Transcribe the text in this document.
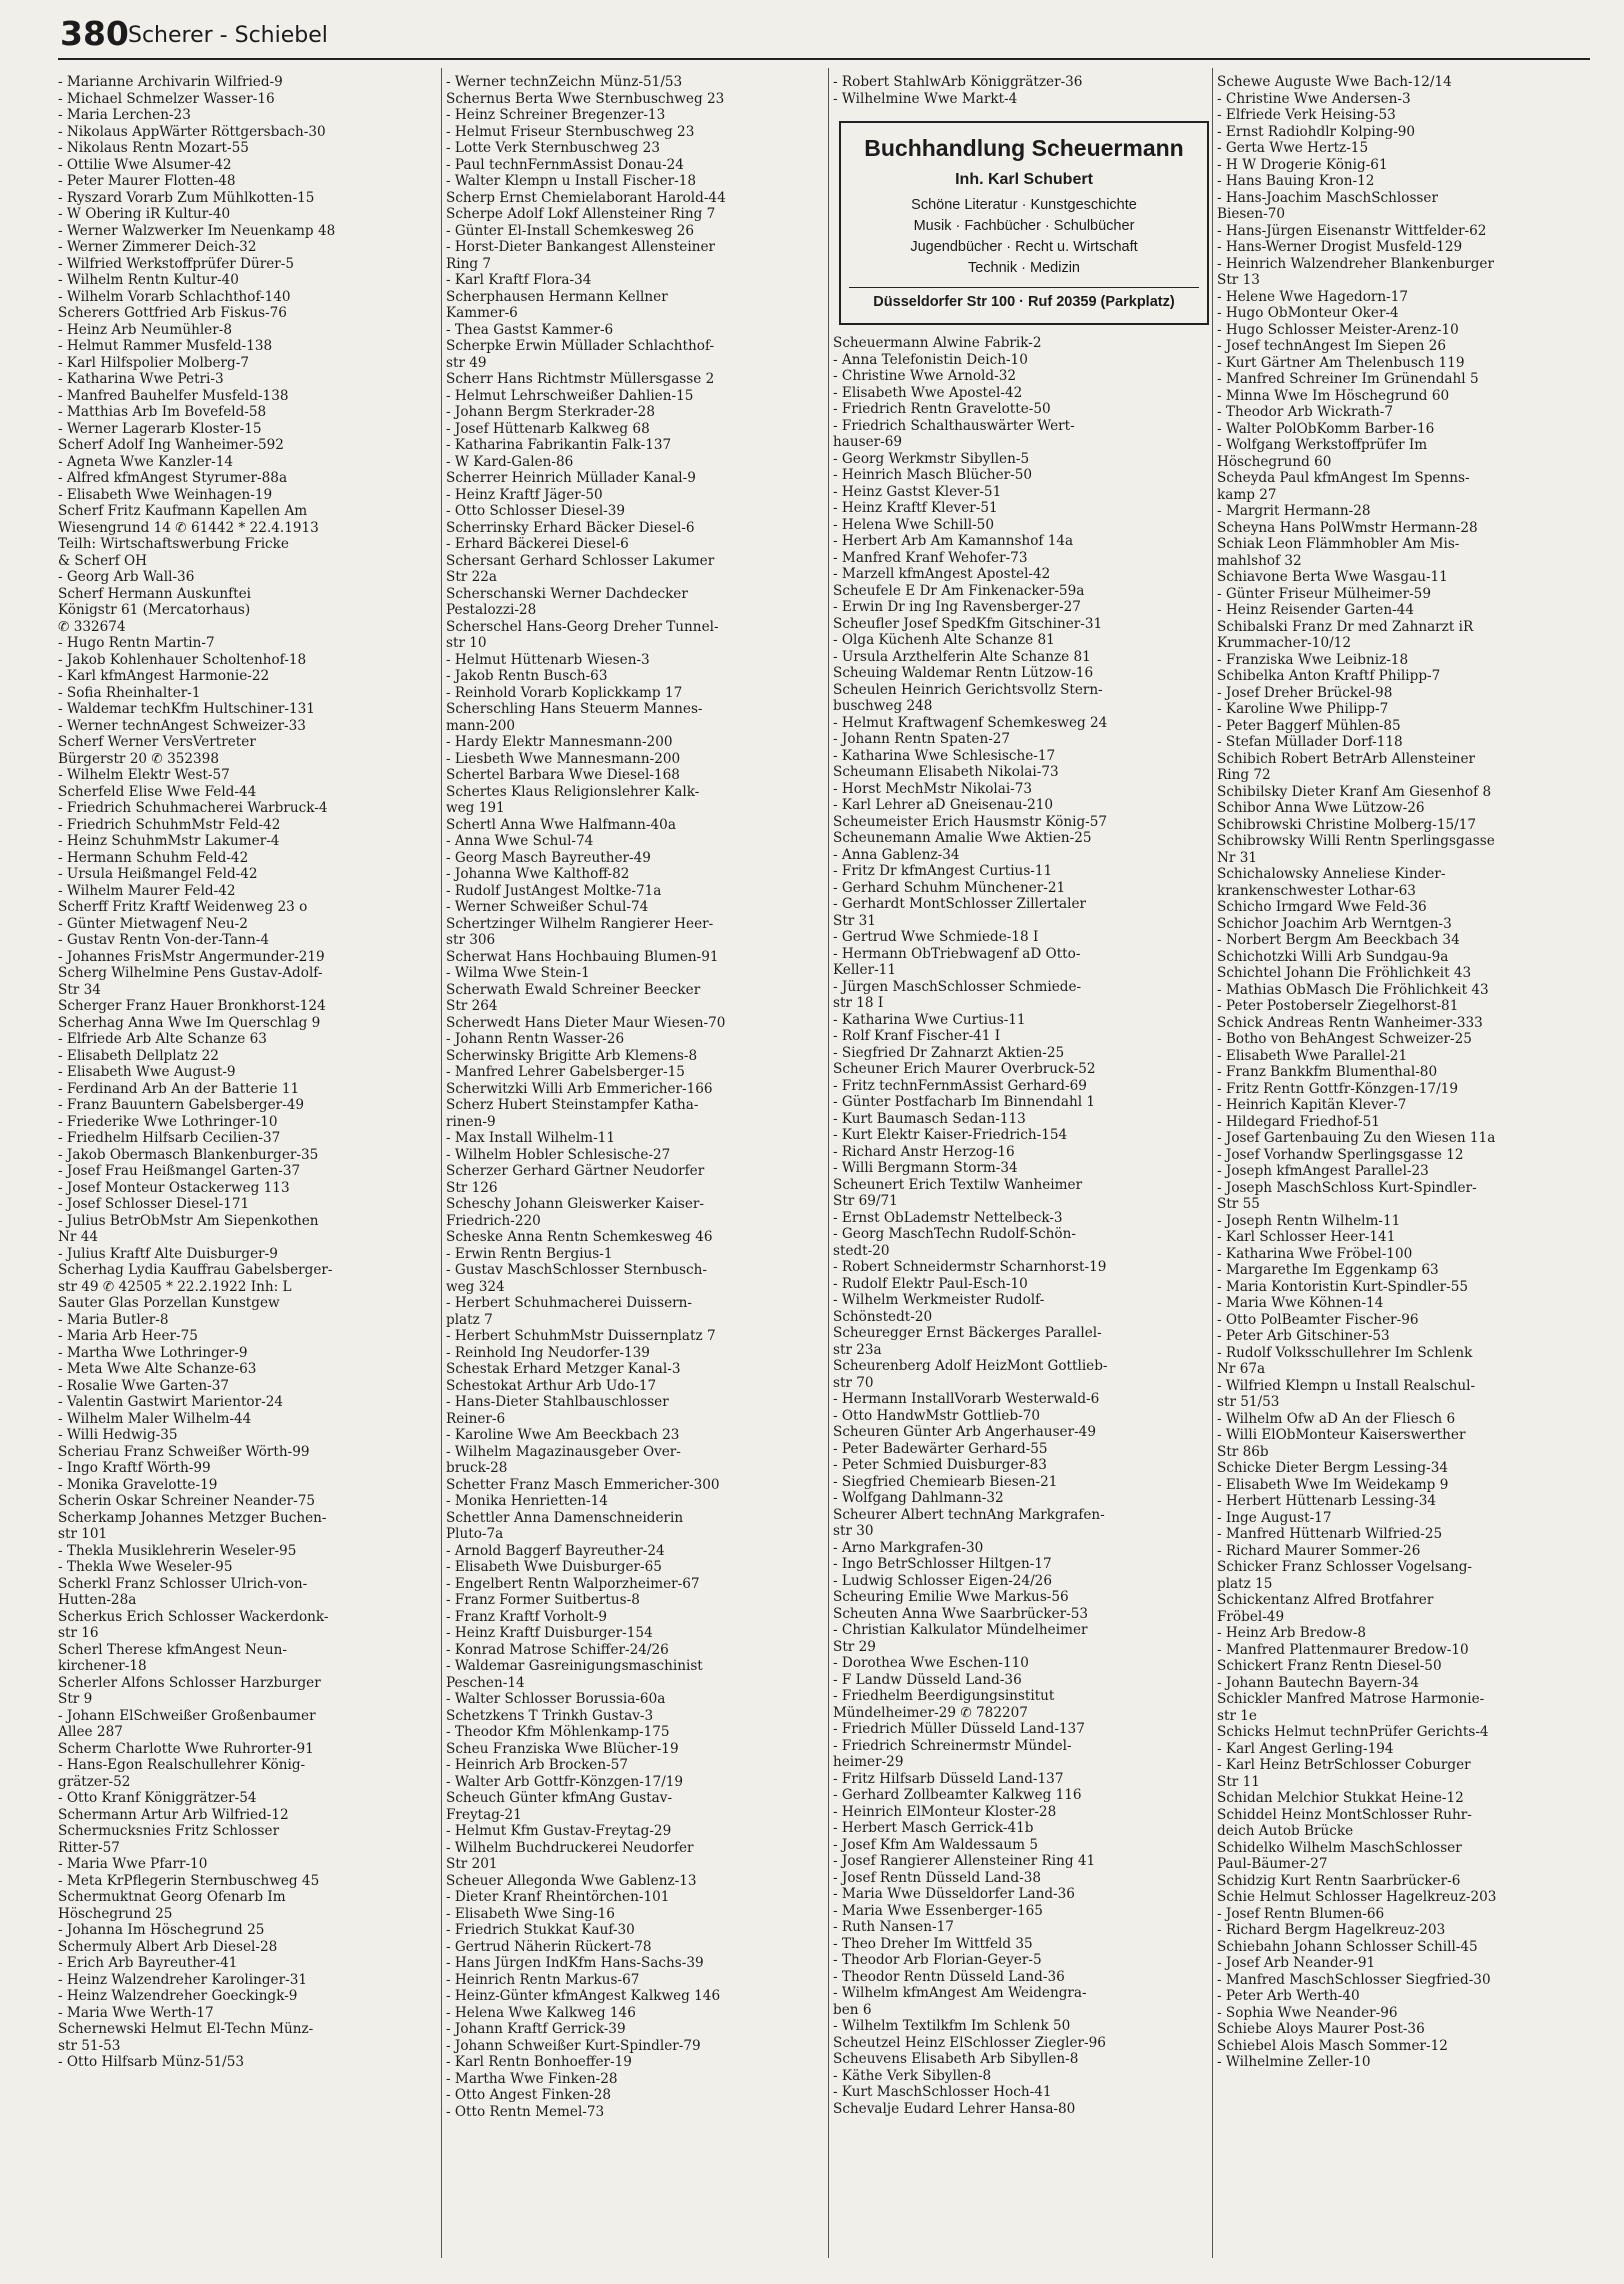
380 Scherer - Schiebel
- Marianne Archivarin Wilfried-9
- Michael Schmelzer Wasser-16
- Maria Lerchen-23
- Nikolaus AppWärter Röttgersbach-30
- Nikolaus Rentn Mozart-55
- Ottilie Wwe Alsumer-42
- Peter Maurer Flotten-48
- Ryszard Vorarb Zum Mühlkotten-15
- W Obering iR Kultur-40
- Werner Walzwerker Im Neuenkamp 48
- Werner Zimmerer Deich-32
- Wilfried Werkstoffprüfer Dürer-5
- Wilhelm Rentn Kultur-40
- Wilhelm Vorarb Schlachthof-140
Scherers Gottfried Arb Fiskus-76
- Heinz Arb Neumühler-8
- Helmut Rammer Musfeld-138
- Karl Hilfspolier Molberg-7
- Katharina Wwe Petri-3
- Manfred Bauhelfer Musfeld-138
- Matthias Arb Im Bovefeld-58
- Werner Lagerarb Kloster-15
Scherf Adolf Ing Wanheimer-592
- Agneta Wwe Kanzler-14
- Alfred kfmAngest Styrumer-88a
- Elisabeth Wwe Weinhagen-19
Scherf Fritz Kaufmann Kapellen Am
Wiesengrund 14 ✆ 61442 * 22.4.1913
Teilh: Wirtschaftswerbung Fricke
& Scherf OH
- Georg Arb Wall-36
Scherf Hermann Auskunftei
Königstr 61 (Mercatorhaus)
✆ 332674
- Hugo Rentn Martin-7
- Jakob Kohlenhauer Scholtenhof-18
- Karl kfmAngest Harmonie-22
- Sofia Rheinhalter-1
- Waldemar techKfm Hultschiner-131
- Werner technAngest Schweizer-33
Scherf Werner VersVertreter
Bürgerstr 20 ✆ 352398
- Wilhelm Elektr West-57
Scherfeld Elise Wwe Feld-44
- Friedrich Schuhmacherei Warbruck-4
- Friedrich SchuhmMstr Feld-42
- Heinz SchuhmMstr Lakumer-4
- Hermann Schuhm Feld-42
- Ursula Heißmangel Feld-42
- Wilhelm Maurer Feld-42
Scherff Fritz Kraftf Weidenweg 23 o
- Günter Mietwagenf Neu-2
- Gustav Rentn Von-der-Tann-4
- Johannes FrisMstr Angermunder-219
Scherg Wilhelmine Pens Gustav-Adolf-
Str 34
Scherger Franz Hauer Bronkhorst-124
Scherhag Anna Wwe Im Querschlag 9
- Elfriede Arb Alte Schanze 63
- Elisabeth Dellplatz 22
- Elisabeth Wwe August-9
- Ferdinand Arb An der Batterie 11
- Franz Bauuntern Gabelsberger-49
- Friederike Wwe Lothringer-10
- Friedhelm Hilfsarb Cecilien-37
- Jakob Obermasch Blankenburger-35
- Josef Frau Heißmangel Garten-37
- Josef Monteur Ostackerweg 113
- Josef Schlosser Diesel-171
- Julius BetrObMstr Am Siepenkothen
Nr 44
- Julius Kraftf Alte Duisburger-9
Scherhag Lydia Kauffrau Gabelsberger-
str 49 ✆ 42505 * 22.2.1922 Inh: L
Sauter Glas Porzellan Kunstgew
- Maria Butler-8
- Maria Arb Heer-75
- Martha Wwe Lothringer-9
- Meta Wwe Alte Schanze-63
- Rosalie Wwe Garten-37
- Valentin Gastwirt Marientor-24
- Wilhelm Maler Wilhelm-44
- Willi Hedwig-35
Scheriau Franz Schweißer Wörth-99
- Ingo Kraftf Wörth-99
- Monika Gravelotte-19
Scherin Oskar Schreiner Neander-75
Scherkamp Johannes Metzger Buchen-
str 101
- Thekla Musiklehrerin Weseler-95
- Thekla Wwe Weseler-95
Scherkl Franz Schlosser Ulrich-von-
Hutten-28a
Scherkus Erich Schlosser Wackerdonk-
str 16
Scherl Therese kfmAngest Neun-
kirchener-18
Scherler Alfons Schlosser Harzburger
Str 9
- Johann ElSchweißer Großenbaumer
Allee 287
Scherm Charlotte Wwe Ruhrorter-91
- Hans-Egon Realschullehrer König-
grätzer-52
- Otto Kranf Königgrätzer-54
Schermann Artur Arb Wilfried-12
Schermucksnies Fritz Schlosser
Ritter-57
- Maria Wwe Pfarr-10
- Meta KrPflegerin Sternbuschweg 45
Schermuktnat Georg Ofenarb Im
Höschegrund 25
- Johanna Im Höschegrund 25
Schermuly Albert Arb Diesel-28
- Erich Arb Bayreuther-41
- Heinz Walzendreher Karolinger-31
- Heinz Walzendreher Goeckingk-9
- Maria Wwe Werth-17
Schernewski Helmut El-Techn Münz-
str 51-53
- Otto Hilfsarb Münz-51/53
- Werner technZeichn Münz-51/53
Schernus Berta Wwe Sternbuschweg 23
- Heinz Schreiner Bregenzer-13
- Helmut Friseur Sternbuschweg 23
- Lotte Verk Sternbuschweg 23
- Paul technFernmAssist Donau-24
- Walter Klempn u Install Fischer-18
Scherp Ernst Chemielaborant Harold-44
Scherpe Adolf Lokf Allensteiner Ring 7
- Günter El-Install Schemkesweg 26
- Horst-Dieter Bankangest Allensteiner
Ring 7
- Karl Kraftf Flora-34
Scherphausen Hermann Kellner
Kammer-6
- Thea Gastst Kammer-6
Scherpke Erwin Müllader Schlachthof-
str 49
Scherr Hans Richtmstr Müllersgasse 2
- Helmut Lehrschweißer Dahlien-15
- Johann Bergm Sterkrader-28
- Josef Hüttenarb Kalkweg 68
- Katharina Fabrikantin Falk-137
- W Kard-Galen-86
Scherrer Heinrich Müllader Kanal-9
- Heinz Kraftf Jäger-50
- Otto Schlosser Diesel-39
Scherrinsky Erhard Bäcker Diesel-6
- Erhard Bäckerei Diesel-6
Schersant Gerhard Schlosser Lakumer
Str 22a
Scherschanski Werner Dachdecker
Pestalozzi-28
Scherschel Hans-Georg Dreher Tunnel-
str 10
- Helmut Hüttenarb Wiesen-3
- Jakob Rentn Busch-63
- Reinhold Vorarb Koplickkamp 17
Scherschling Hans Steuerm Mannes-
mann-200
- Hardy Elektr Mannesmann-200
- Liesbeth Wwe Mannesmann-200
Schertel Barbara Wwe Diesel-168
Schertes Klaus Religionslehrer Kalk-
weg 191
Schertl Anna Wwe Halfmann-40a
- Anna Wwe Schul-74
- Georg Masch Bayreuther-49
- Johanna Wwe Kalthoff-82
- Rudolf JustAngest Moltke-71a
- Werner Schweißer Schul-74
Schertzinger Wilhelm Rangierer Heer-
str 306
Scherwat Hans Hochbauing Blumen-91
- Wilma Wwe Stein-1
Scherwath Ewald Schreiner Beecker
Str 264
Scherwedt Hans Dieter Maur Wiesen-70
- Johann Rentn Wasser-26
Scherwinsky Brigitte Arb Klemens-8
- Manfred Lehrer Gabelsberger-15
Scherwitzki Willi Arb Emmericher-166
Scherz Hubert Steinstampfer Katha-
rinen-9
- Max Install Wilhelm-11
- Wilhelm Hobler Schlesische-27
Scherzer Gerhard Gärtner Neudorfer
Str 126
Scheschy Johann Gleiswerker Kaiser-
Friedrich-220
Scheske Anna Rentn Schemkesweg 46
- Erwin Rentn Bergius-1
- Gustav MaschSchlosser Sternbusch-
weg 324
- Herbert Schuhmacherei Duissern-
platz 7
- Herbert SchuhmMstr Duissernplatz 7
- Reinhold Ing Neudorfer-139
Schestak Erhard Metzger Kanal-3
Schestokat Arthur Arb Udo-17
- Hans-Dieter Stahlbauschlosser
Reiner-6
- Karoline Wwe Am Beeckbach 23
- Wilhelm Magazinausgeber Over-
bruck-28
Schetter Franz Masch Emmericher-300
- Monika Henrietten-14
Schettler Anna Damenschneiderin
Pluto-7a
- Arnold Baggerf Bayreuther-24
- Elisabeth Wwe Duisburger-65
- Engelbert Rentn Walporzheimer-67
- Franz Former Suitbertus-8
- Franz Kraftf Vorholt-9
- Heinz Kraftf Duisburger-154
- Konrad Matrose Schiffer-24/26
- Waldemar Gasreinigungsmaschinist
Peschen-14
- Walter Schlosser Borussia-60a
Schetzkens T Trinkh Gustav-3
- Theodor Kfm Möhlenkamp-175
Scheu Franziska Wwe Blücher-19
- Heinrich Arb Brocken-57
- Walter Arb Gottfr-Könzgen-17/19
Scheuch Günter kfmAng Gustav-
Freytag-21
- Helmut Kfm Gustav-Freytag-29
- Wilhelm Buchdruckerei Neudorfer
Str 201
Scheuer Allegonda Wwe Gablenz-13
- Dieter Kranf Rheintörchen-101
- Elisabeth Wwe Sing-16
- Friedrich Stukkat Kauf-30
- Gertrud Näherin Rückert-78
- Hans Jürgen IndKfm Hans-Sachs-39
- Heinrich Rentn Markus-67
- Heinz-Günter kfmAngest Kalkweg 146
- Helena Wwe Kalkweg 146
- Johann Kraftf Gerrick-39
- Johann Schweißer Kurt-Spindler-79
- Karl Rentn Bonhoeffer-19
- Martha Wwe Finken-28
- Otto Angest Finken-28
- Otto Rentn Memel-73
- Robert StahlwArb Königgrätzer-36
- Wilhelmine Wwe Markt-4
Buchhandlung Scheuermann
Inh. Karl Schubert
Schöne Literatur · Kunstgeschichte
Musik · Fachbücher · Schulbücher
Jugendbücher · Recht u. Wirtschaft
Technik · Medizin
Düsseldorfer Str 100 · Ruf 20359 (Parkplatz)
Scheuermann Alwine Fabrik-2
- Anna Telefonistin Deich-10
- Christine Wwe Arnold-32
- Elisabeth Wwe Apostel-42
- Friedrich Rentn Gravelotte-50
- Friedrich Schalthauswärter Wert-
hauser-69
- Georg Werkmstr Sibyllen-5
- Heinrich Masch Blücher-50
- Heinz Gastst Klever-51
- Heinz Kraftf Klever-51
- Helena Wwe Schill-50
- Herbert Arb Am Kamannshof 14a
- Manfred Kranf Wehofer-73
- Marzell kfmAngest Apostel-42
Scheufele E Dr Am Finkenacker-59a
- Erwin Dr ing Ing Ravensberger-27
Scheufler Josef SpedKfm Gitschiner-31
- Olga Küchenh Alte Schanze 81
- Ursula Arzthelferin Alte Schanze 81
Scheuing Waldemar Rentn Lützow-16
Scheulen Heinrich Gerichtsvollz Stern-
buschweg 248
- Helmut Kraftwagenf Schemkesweg 24
- Johann Rentn Spaten-27
- Katharina Wwe Schlesische-17
Scheumann Elisabeth Nikolai-73
- Horst MechMstr Nikolai-73
- Karl Lehrer aD Gneisenau-210
Scheumeister Erich Hausmstr König-57
Scheunemann Amalie Wwe Aktien-25
- Anna Gablenz-34
- Fritz Dr kfmAngest Curtius-11
- Gerhard Schuhm Münchener-21
- Gerhardt MontSchlosser Zillertaler
Str 31
- Gertrud Wwe Schmiede-18 I
- Hermann ObTriebwagenf aD Otto-
Keller-11
- Jürgen MaschSchlosser Schmiede-
str 18 I
- Katharina Wwe Curtius-11
- Rolf Kranf Fischer-41 I
- Siegfried Dr Zahnarzt Aktien-25
Scheuner Erich Maurer Overbruck-52
- Fritz technFernmAssist Gerhard-69
- Günter Postfacharb Im Binnendahl 1
- Kurt Baumasch Sedan-113
- Kurt Elektr Kaiser-Friedrich-154
- Richard Anstr Herzog-16
- Willi Bergmann Storm-34
Scheunert Erich Textilw Wanheimer
Str 69/71
- Ernst ObLademstr Nettelbeck-3
- Georg MaschTechn Rudolf-Schön-
stedt-20
- Robert Schneidermstr Scharnhorst-19
- Rudolf Elektr Paul-Esch-10
- Wilhelm Werkmeister Rudolf-
Schönstedt-20
Scheuregger Ernst Bäckerges Parallel-
str 23a
Scheurenberg Adolf HeizMont Gottlieb-
str 70
- Hermann InstallVorarb Westerwald-6
- Otto HandwMstr Gottlieb-70
Scheuren Günter Arb Angerhauser-49
- Peter Badewärter Gerhard-55
- Peter Schmied Duisburger-83
- Siegfried Chemiearb Biesen-21
- Wolfgang Dahlmann-32
Scheurer Albert technAng Markgrafen-
str 30
- Arno Markgrafen-30
- Ingo BetrSchlosser Hiltgen-17
- Ludwig Schlosser Eigen-24/26
Scheuring Emilie Wwe Markus-56
Scheuten Anna Wwe Saarbrücker-53
- Christian Kalkulator Mündelheimer
Str 29
- Dorothea Wwe Eschen-110
- F Landw Düsseld Land-36
- Friedhelm Beerdigungsinstitut
Mündelheimer-29 ✆ 782207
- Friedrich Müller Düsseld Land-137
- Friedrich Schreinermstr Mündel-
heimer-29
- Fritz Hilfsarb Düsseld Land-137
- Gerhard Zollbeamter Kalkweg 116
- Heinrich ElMonteur Kloster-28
- Herbert Masch Gerrick-41b
- Josef Kfm Am Waldessaum 5
- Josef Rangierer Allensteiner Ring 41
- Josef Rentn Düsseld Land-38
- Maria Wwe Düsseldorfer Land-36
- Maria Wwe Essenberger-165
- Ruth Nansen-17
- Theo Dreher Im Wittfeld 35
- Theodor Arb Florian-Geyer-5
- Theodor Rentn Düsseld Land-36
- Wilhelm kfmAngest Am Weidengra-
ben 6
- Wilhelm Textilkfm Im Schlenk 50
Scheutzel Heinz ElSchlosser Ziegler-96
Scheuvens Elisabeth Arb Sibyllen-8
- Käthe Verk Sibyllen-8
- Kurt MaschSchlosser Hoch-41
Schevalje Eudard Lehrer Hansa-80
Schewe Auguste Wwe Bach-12/14
- Christine Wwe Andersen-3
- Elfriede Verk Heising-53
- Ernst Radiohdlr Kolping-90
- Gerta Wwe Hertz-15
- H W Drogerie König-61
- Hans Bauing Kron-12
- Hans-Joachim MaschSchlosser
Biesen-70
- Hans-Jürgen Eisenanstr Wittfelder-62
- Hans-Werner Drogist Musfeld-129
- Heinrich Walzendreher Blankenburger
Str 13
- Helene Wwe Hagedorn-17
- Hugo ObMonteur Oker-4
- Hugo Schlosser Meister-Arenz-10
- Josef technAngest Im Siepen 26
- Kurt Gärtner Am Thelenbusch 119
- Manfred Schreiner Im Grünendahl 5
- Minna Wwe Im Höschegrund 60
- Theodor Arb Wickrath-7
- Walter PolObKomm Barber-16
- Wolfgang Werkstoffprüfer Im
Höschegrund 60
Scheyda Paul kfmAngest Im Spenns-
kamp 27
- Margrit Hermann-28
Scheyna Hans PolWmstr Hermann-28
Schiak Leon Flämmhobler Am Mis-
mahlshof 32
Schiavone Berta Wwe Wasgau-11
- Günter Friseur Mülheimer-59
- Heinz Reisender Garten-44
Schibalski Franz Dr med Zahnarzt iR
Krummacher-10/12
- Franziska Wwe Leibniz-18
Schibelka Anton Kraftf Philipp-7
- Josef Dreher Brückel-98
- Karoline Wwe Philipp-7
- Peter Baggerf Mühlen-85
- Stefan Müllader Dorf-118
Schibich Robert BetrArb Allensteiner
Ring 72
Schibilsky Dieter Kranf Am Giesenhof 8
Schibor Anna Wwe Lützow-26
Schibrowski Christine Molberg-15/17
Schibrowsky Willi Rentn Sperlingsgasse
Nr 31
Schichalowsky Anneliese Kinder-
krankenschwester Lothar-63
Schicho Irmgard Wwe Feld-36
Schichor Joachim Arb Werntgen-3
- Norbert Bergm Am Beeckbach 34
Schichotzki Willi Arb Sundgau-9a
Schichtel Johann Die Fröhlichkeit 43
- Mathias ObMasch Die Fröhlichkeit 43
- Peter Postoberselr Ziegelhorst-81
Schick Andreas Rentn Wanheimer-333
- Botho von BehAngest Schweizer-25
- Elisabeth Wwe Parallel-21
- Franz Bankkfm Blumenthal-80
- Fritz Rentn Gottfr-Könzgen-17/19
- Heinrich Kapitän Klever-7
- Hildegard Friedhof-51
- Josef Gartenbauing Zu den Wiesen 11a
- Josef Vorhandw Sperlingsgasse 12
- Joseph kfmAngest Parallel-23
- Joseph MaschSchloss Kurt-Spindler-
Str 55
- Joseph Rentn Wilhelm-11
- Karl Schlosser Heer-141
- Katharina Wwe Fröbel-100
- Margarethe Im Eggenkamp 63
- Maria Kontoristin Kurt-Spindler-55
- Maria Wwe Köhnen-14
- Otto PolBeamter Fischer-96
- Peter Arb Gitschiner-53
- Rudolf Volksschullehrer Im Schlenk
Nr 67a
- Wilfried Klempn u Install Realschul-
str 51/53
- Wilhelm Ofw aD An der Fliesch 6
- Willi ElObMonteur Kaiserswerther
Str 86b
Schicke Dieter Bergm Lessing-34
- Elisabeth Wwe Im Weidekamp 9
- Herbert Hüttenarb Lessing-34
- Inge August-17
- Manfred Hüttenarb Wilfried-25
- Richard Maurer Sommer-26
Schicker Franz Schlosser Vogelsang-
platz 15
Schickentanz Alfred Brotfahrer
Fröbel-49
- Heinz Arb Bredow-8
- Manfred Plattenmaurer Bredow-10
Schickert Franz Rentn Diesel-50
- Johann Bautechn Bayern-34
Schickler Manfred Matrose Harmonie-
str 1e
Schicks Helmut technPrüfer Gerichts-4
- Karl Angest Gerling-194
- Karl Heinz BetrSchlosser Coburger
Str 11
Schidan Melchior Stukkat Heine-12
Schiddel Heinz MontSchlosser Ruhr-
deich Autob Brücke
Schidelko Wilhelm MaschSchlosser
Paul-Bäumer-27
Schidzig Kurt Rentn Saarbrücker-6
Schie Helmut Schlosser Hagelkreuz-203
- Josef Rentn Blumen-66
- Richard Bergm Hagelkreuz-203
Schiebahn Johann Schlosser Schill-45
- Josef Arb Neander-91
- Manfred MaschSchlosser Siegfried-30
- Peter Arb Werth-40
- Sophia Wwe Neander-96
Schiebe Aloys Maurer Post-36
Schiebel Alois Masch Sommer-12
- Wilhelmine Zeller-10
